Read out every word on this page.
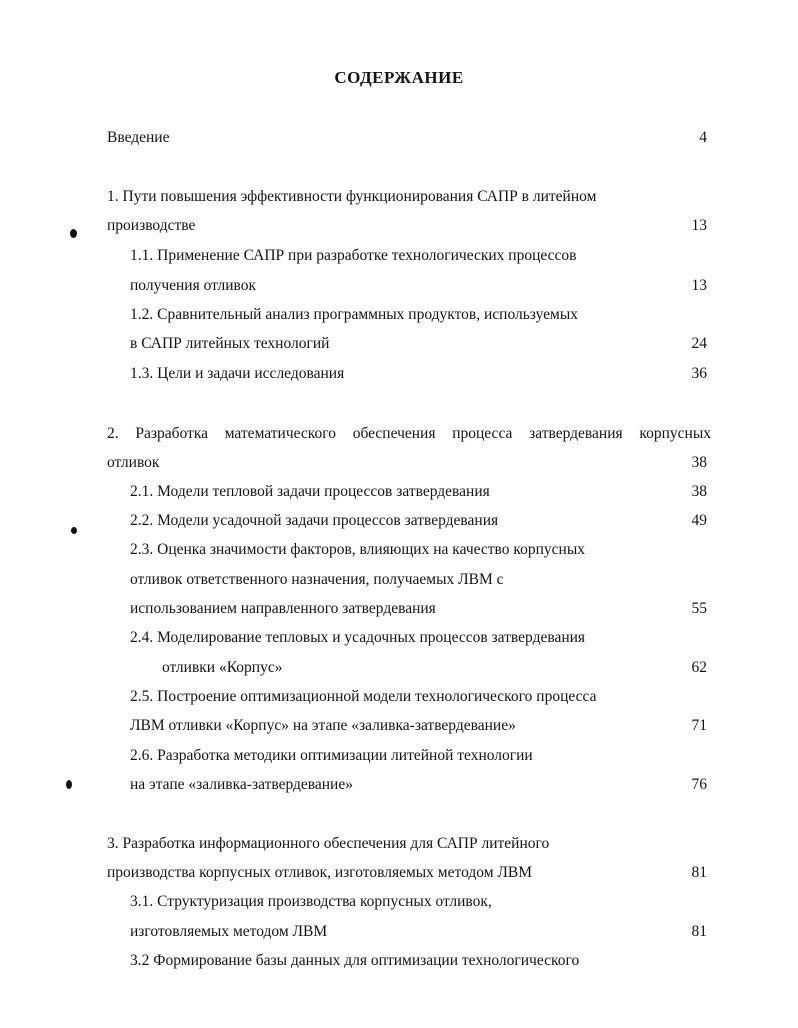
СОДЕРЖАНИЕ
Введение	4
1. Пути повышения эффективности функционирования САПР в литейном
производстве	13
1.1. Применение САПР при разработке технологических процессов
получения отливок	13
1.2. Сравнительный анализ программных продуктов, используемых
в САПР литейных технологий	24
1.3. Цели и задачи исследования	36
2. Разработка математического обеспечения процесса затвердевания корпусных
отливок	38
2.1. Модели тепловой задачи процессов затвердевания	38
2.2. Модели усадочной задачи процессов затвердевания	49
2.3. Оценка значимости факторов, влияющих на качество корпусных
отливок ответственного назначения, получаемых ЛВМ с
использованием направленного затвердевания	55
2.4. Моделирование тепловых и усадочных процессов затвердевания
отливки «Корпус»	62
2.5. Построение оптимизационной модели технологического процесса
ЛВМ отливки «Корпус» на этапе «заливка-затвердевание»	71
2.6. Разработка методики оптимизации литейной технологии
на этапе «заливка-затвердевание»	76
3. Разработка информационного обеспечения для САПР литейного
производства корпусных отливок, изготовляемых методом ЛВМ	81
3.1. Структуризация производства корпусных отливок,
изготовляемых методом ЛВМ	81
3.2 Формирование базы данных для оптимизации технологического
